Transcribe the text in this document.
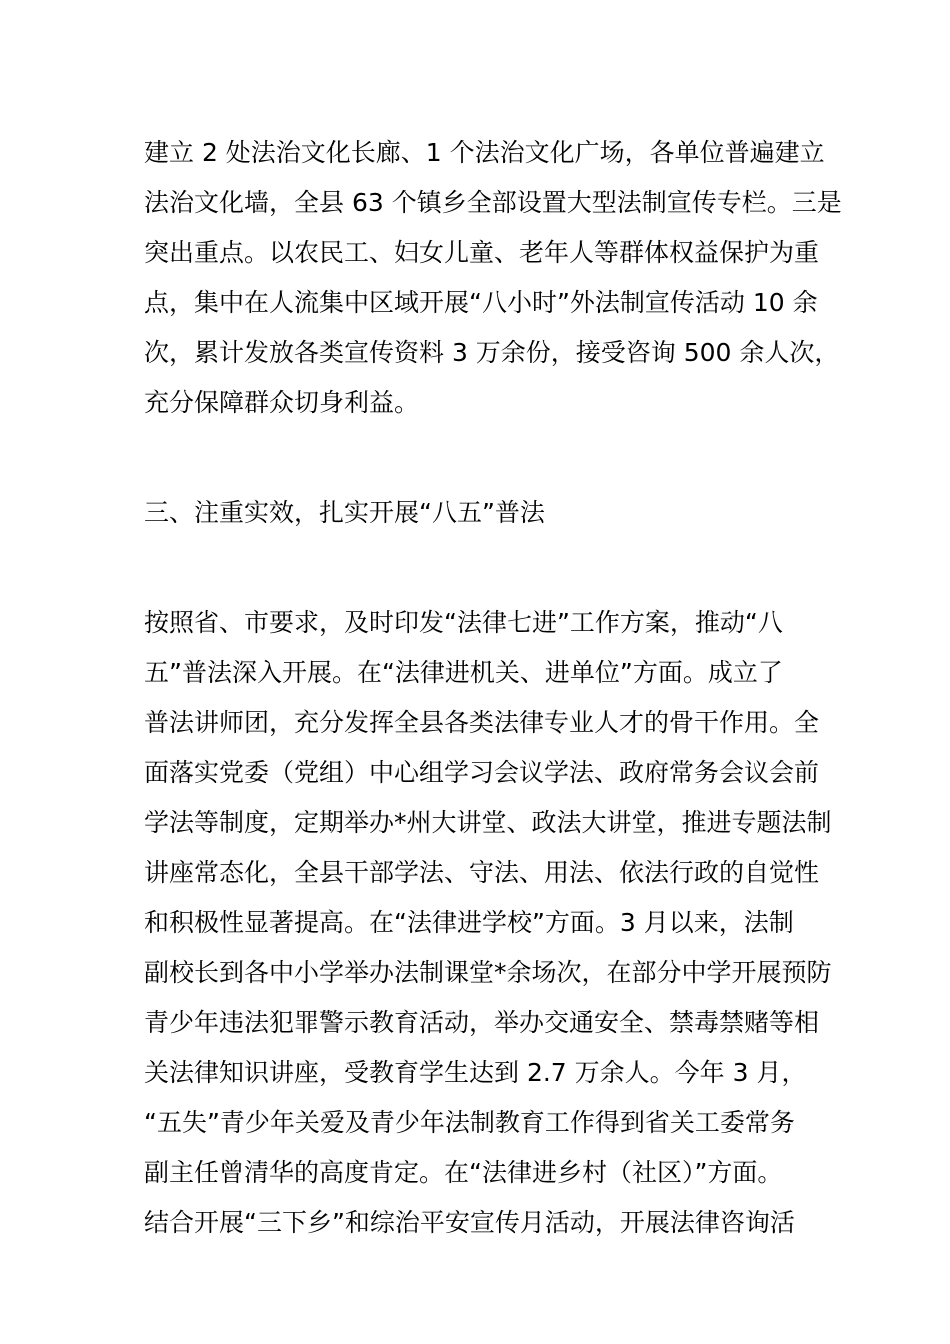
建立 2 处法治文化长廊、1 个法治文化广场，各单位普遍建立
法治文化墙，全县 63 个镇乡全部设置大型法制宣传专栏。三是
突出重点。以农民工、妇女儿童、老年人等群体权益保护为重
点，集中在人流集中区域开展“八小时”外法制宣传活动 10 余
次，累计发放各类宣传资料 3 万余份，接受咨询 500 余人次，
充分保障群众切身利益。
三、注重实效，扎实开展“八五”普法
按照省、市要求，及时印发“法律七进”工作方案，推动“八
五”普法深入开展。在“法律进机关、进单位”方面。成立了
普法讲师团，充分发挥全县各类法律专业人才的骨干作用。全
面落实党委（党组）中心组学习会议学法、政府常务会议会前
学法等制度，定期举办*州大讲堂、政法大讲堂，推进专题法制
讲座常态化，全县干部学法、守法、用法、依法行政的自觉性
和积极性显著提高。在“法律进学校”方面。3 月以来，法制
副校长到各中小学举办法制课堂*余场次，在部分中学开展预防
青少年违法犯罪警示教育活动，举办交通安全、禁毒禁赌等相
关法律知识讲座，受教育学生达到 2.7 万余人。今年 3 月，
“五失”青少年关爱及青少年法制教育工作得到省关工委常务
副主任曾清华的高度肯定。在“法律进乡村（社区）”方面。
结合开展“三下乡”和综治平安宣传月活动，开展法律咨询活
